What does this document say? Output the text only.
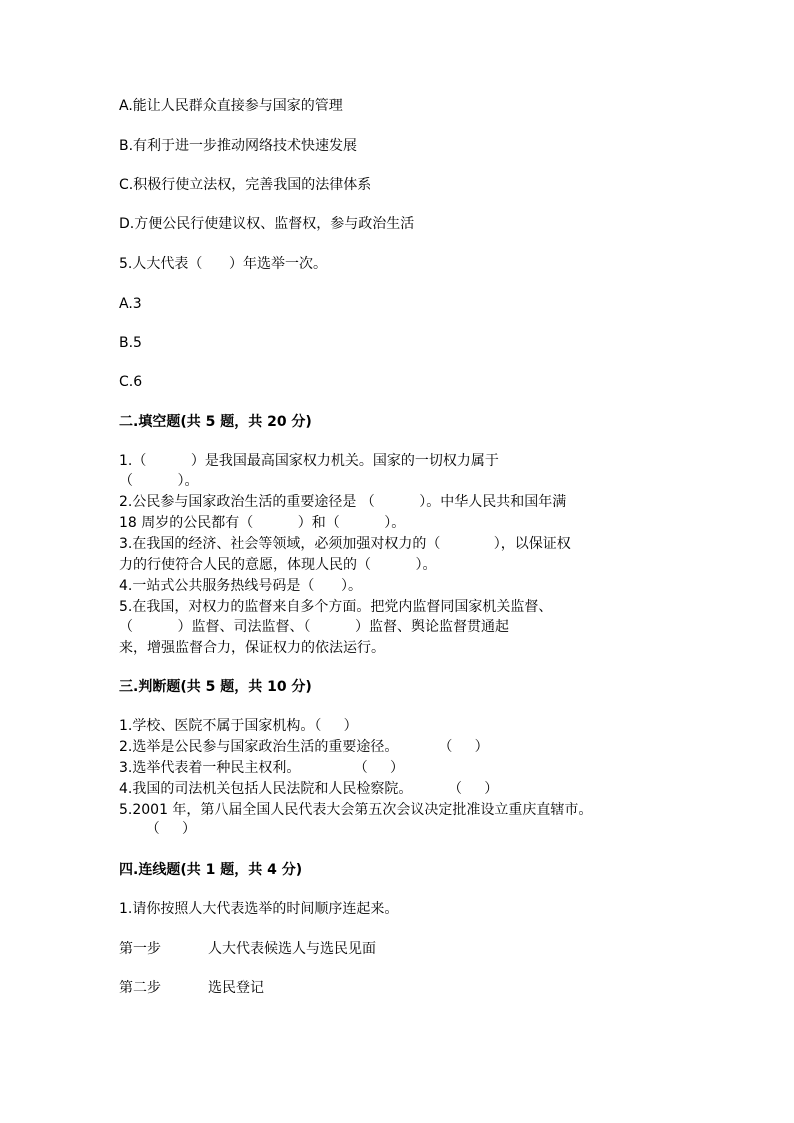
A.能让人民群众直接参与国家的管理
B.有利于进一步推动网络技术快速发展
C.积极行使立法权，完善我国的法律体系
D.方便公民行使建议权、监督权，参与政治生活
5.人大代表（      ）年选举一次。
A.3
B.5
C.6
二.填空题(共 5 题，共 20 分)
1.（          ）是我国最高国家权力机关。国家的一切权力属于
（          ）。
2.公民参与国家政治生活的重要途径是 （          ）。中华人民共和国年满
18 周岁的公民都有（          ）和（          ）。
3.在我国的经济、社会等领域，必须加强对权力的（            ），以保证权
力的行使符合人民的意愿，体现人民的（          ）。
4.一站式公共服务热线号码是（      ）。
5.在我国，对权力的监督来自多个方面。把党内监督同国家机关监督、
（          ）监督、司法监督、（          ）监督、舆论监督贯通起
来，增强监督合力，保证权力的依法运行。
三.判断题(共 5 题，共 10 分)
1.学校、医院不属于国家机构。（     ）
2.选举是公民参与国家政治生活的重要途径。         （     ）
3.选举代表着一种民主权利。            （     ）
4.我国的司法机关包括人民法院和人民检察院。        （     ）
5.2001 年，第八届全国人民代表大会第五次会议决定批准设立重庆直辖市。
（     ）
四.连线题(共 1 题，共 4 分)
1.请你按照人大代表选举的时间顺序连起来。
第一步	人大代表候选人与选民见面
第二步	选民登记
